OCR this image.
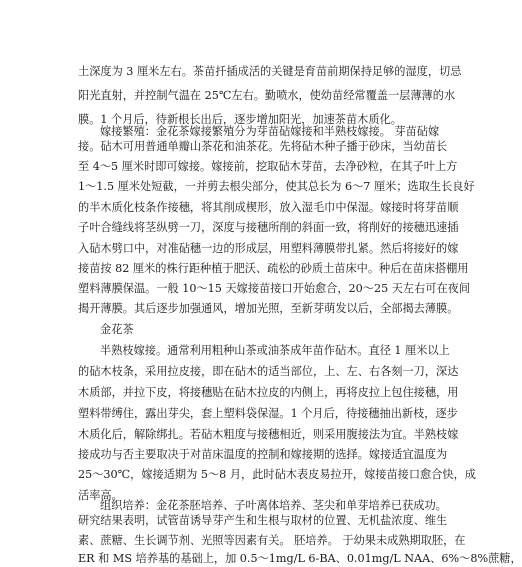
土深度为 3 厘米左右。茶苗扦插成活的关键是育苗前期保持足够的湿度，切忌
阳光直射，并控制气温在 25℃左右。勤喷水，使幼苗经常覆盖一层薄薄的水
膜。1 个月后，待新根长出后，逐步增加阳光，加速茶苗木质化。
嫁接繁殖：金花茶嫁接繁殖分为芽苗砧嫁接和半熟枝嫁接。 芽苗砧嫁
接。砧木可用普通单瓣山茶花和油茶花。先将砧木种子播于砂床，当幼苗长
至 4～5 厘米时即可嫁接。嫁接前，挖取砧木芽苗，去净砂粒，在其子叶上方
1～1.5 厘米处短截，一并剪去根尖部分，使其总长为 6～7 厘米；选取生长良好
的半木质化枝条作接穗，将其削成楔形，放入湿毛巾中保湿。嫁接时将芽苗顺
子叶合缝线将茎纵劈一刀，深度与接穗所削的斜面一致，将削好的接穗迅速插
入砧木劈口中，对准砧穗一边的形成层，用塑料薄膜带扎紧。然后将接好的嫁
接苗按 82 厘米的株行距种植于肥沃、疏松的砂质土苗床中。种后在苗床搭棚用
塑料薄膜保温。一般 10～15 天嫁接苗接口开始愈合，20～25 天左右可在夜间
揭开薄膜。其后逐步加强通风，增加光照，至新芽萌发以后，全部揭去薄膜。
金花茶
半熟枝嫁接。通常利用粗种山茶或油茶成年苗作砧木。直径 1 厘米以上
的砧木枝条，采用拉皮接，即在砧木的适当部位，上、左、右各刻一刀，深达
木质部，并拉下皮，将接穗贴在砧木拉皮的内侧上，再将皮拉上包住接穗，用
塑料带缚住，露出芽尖，套上塑料袋保湿。1 个月后，待接穗抽出新枝，逐步
木质化后，解除绑扎。若砧木粗度与接穗相近，则采用腹接法为宜。半熟枝嫁
接成功与否主要取决于对苗床温度的控制和嫁接期的选择。嫁接适宜温度为
25～30℃，嫁接适期为 5～8 月，此时砧木表皮易拉开，嫁接苗接口愈合快，成
活率高。
组织培养：金花茶胚培养、子叶离体培养、茎尖和单芽培养已获成功。
研究结果表明，试管苗诱导芽产生和生根与取材的位置、无机盐浓度、维生
素、蔗糖、生长调节剂、光照等因素有关。 胚培养。 于幼果未成熟期取胚，在
ER 和 MS 培养基的基础上，加 0.5～1mg/L 6-BA、0.01mg/L NAA、6%～8%蔗糖，
